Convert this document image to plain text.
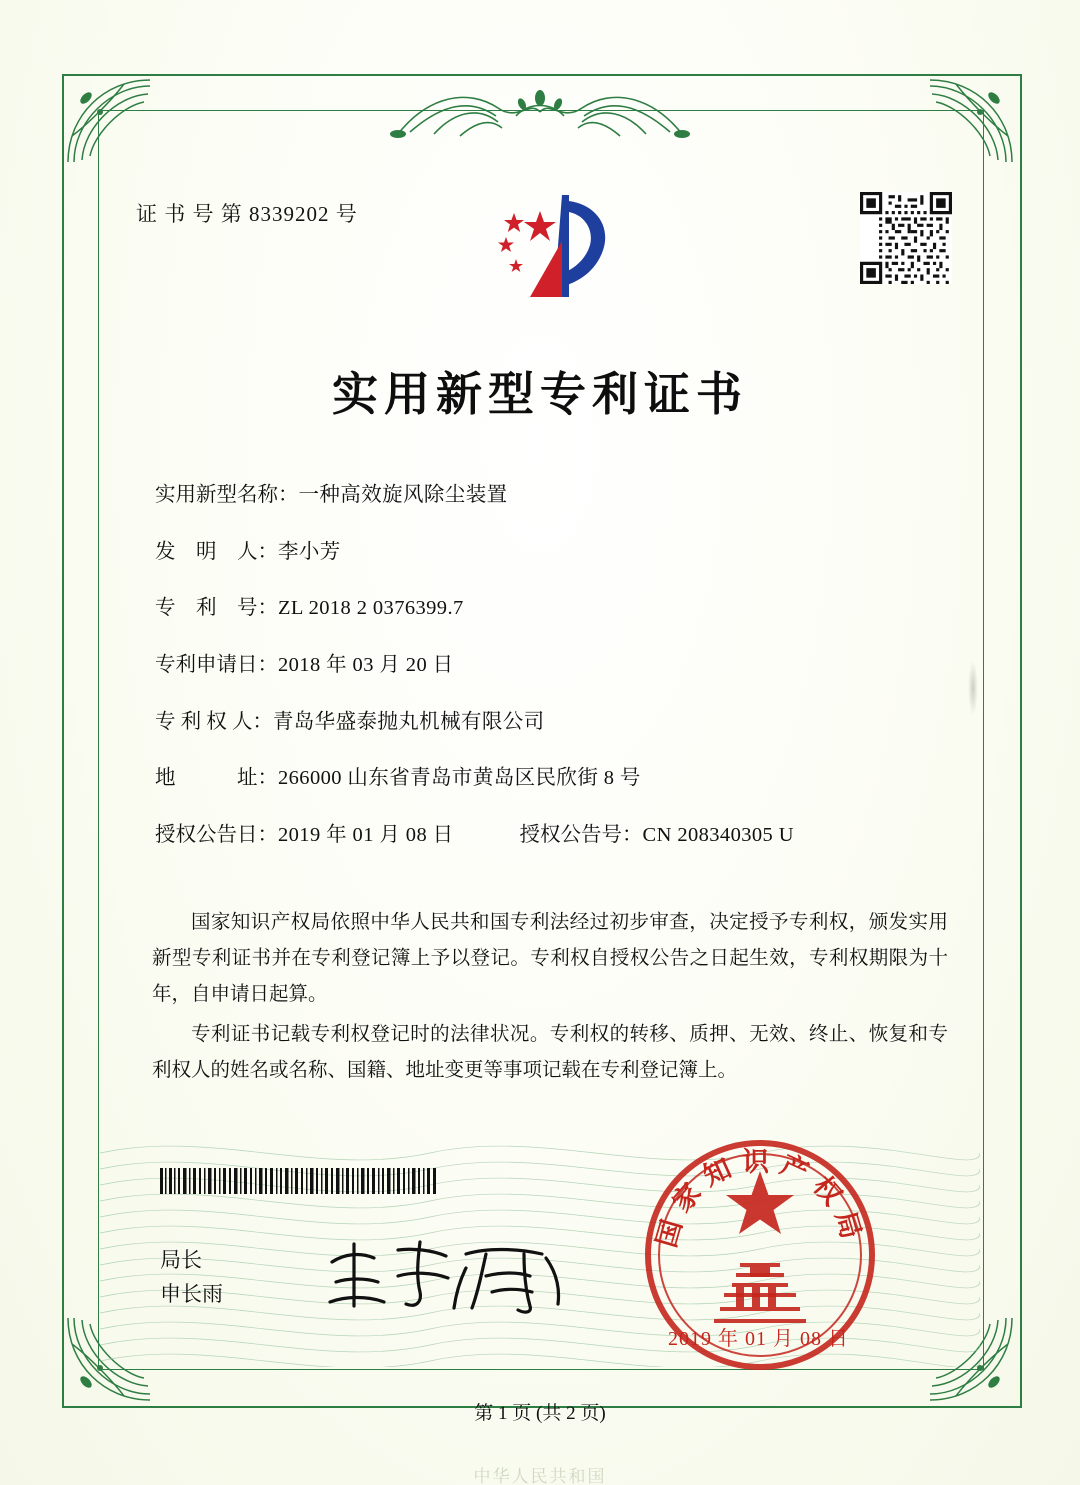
证 书 号 第 8339202 号
实用新型专利证书
实用新型名称： 一种高效旋风除尘装置
发　明　人： 李小芳
专　利　号： ZL 2018 2 0376399.7
专利申请日： 2018 年 03 月 20 日
专 利 权 人： 青岛华盛泰抛丸机械有限公司
地　　　址： 266000 山东省青岛市黄岛区民欣街 8 号
授权公告日： 2019 年 01 月 08 日	授权公告号： CN 208340305 U

国家知识产权局依照中华人民共和国专利法经过初步审查，决定授予专利权，颁发实用新型专利证书并在专利登记簿上予以登记。专利权自授权公告之日起生效，专利权期限为十年，自申请日起算。

专利证书记载专利权登记时的法律状况。专利权的转移、质押、无效、终止、恢复和专利权人的姓名或名称、国籍、地址变更等事项记载在专利登记簿上。

局长
申长雨
国家知识产权局
2019 年 01 月 08 日
第 1 页 (共 2 页)
中华人民共和国
